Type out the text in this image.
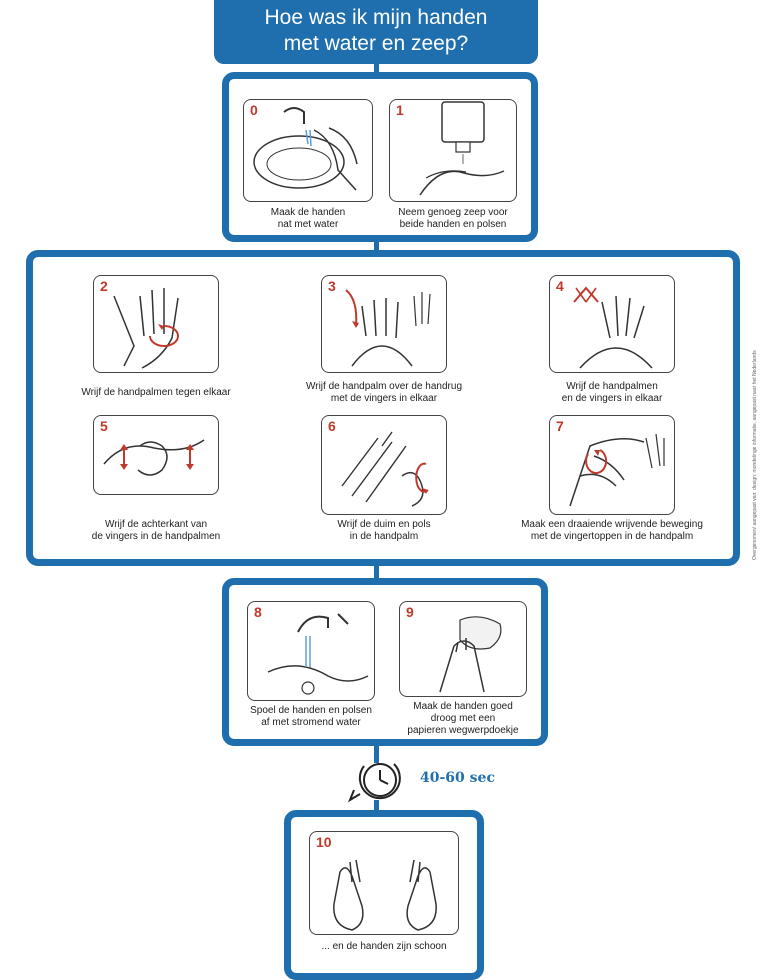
Hoe was ik mijn handen
met water en zeep?
0
Maak de handen
nat met water
1
Neem genoeg zeep voor
beide handen en polsen
2
Wrijf de handpalmen tegen elkaar
3
Wrijf de handpalm over de handrug
met de vingers in elkaar
4
Wrijf de handpalmen
en de vingers in elkaar
5
Wrijf de achterkant van
de vingers in de handpalmen
6
Wrijf de duim en pols
in de handpalm
7
Maak een draaiende wrijvende beweging
met de vingertoppen in de handpalm
8
Spoel de handen en polsen
af met stromend water
9
Maak de handen goed
droog met een
papieren wegwerpdoekje
40-60 sec
10
... en de handen zijn schoon
Overgenomen/ aangepast van: design: mondelinge informatie, aangepast naar het Nederlands
